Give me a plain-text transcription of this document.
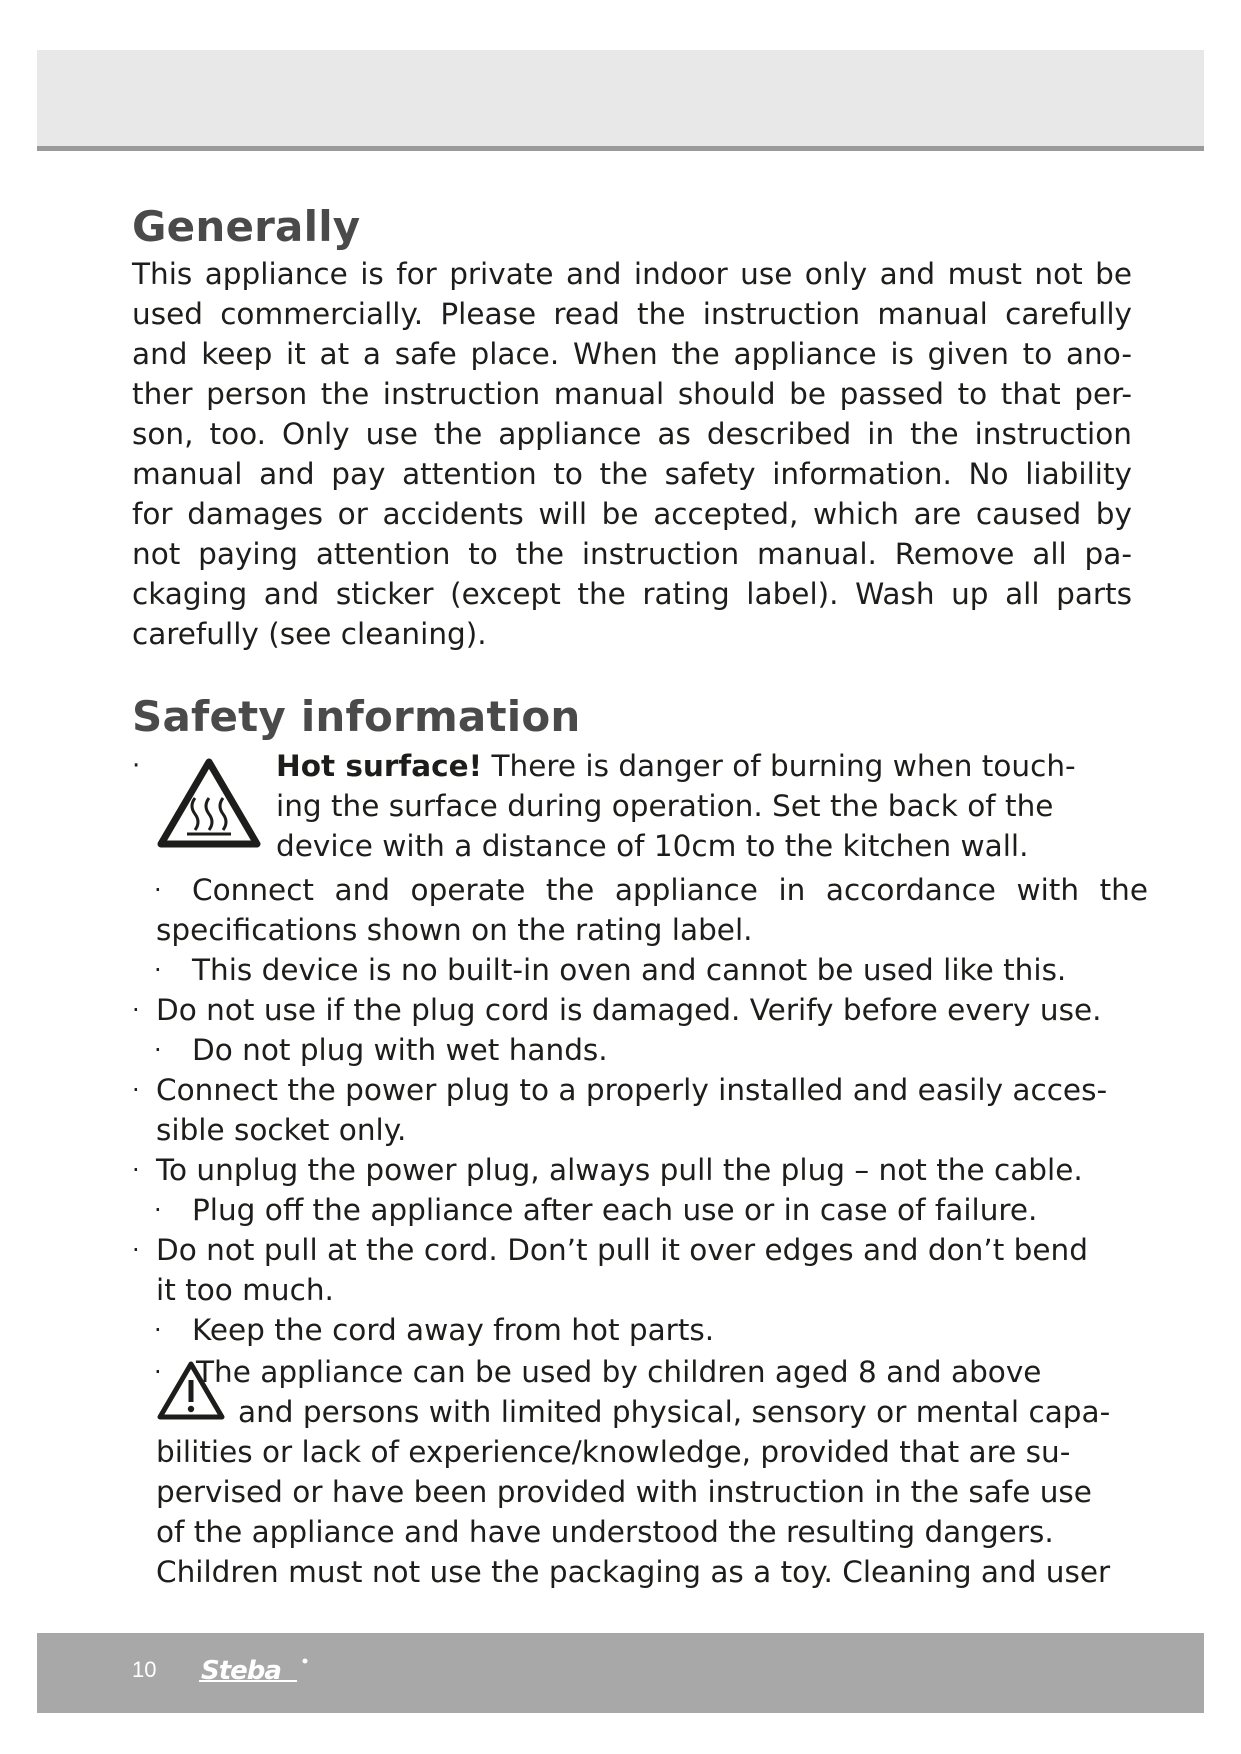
Generally
This appliance is for private and indoor use only and must not be
used commercially. Please read the instruction manual carefully
and keep it at a safe place. When the appliance is given to ano-
ther person the instruction manual should be passed to that per-
son, too. Only use the appliance as described in the instruction
manual and pay attention to the safety information. No liability
for damages or accidents will be accepted, which are caused by
not paying attention to the instruction manual. Remove all pa-
ckaging and sticker (except the rating label). Wash up all parts
carefully (see cleaning).
Safety information
·	Hot surface! There is danger of burning when touch-
ing the surface during operation. Set the back of the
device with a distance of 10cm to the kitchen wall.
· Connect and operate the appliance in accordance with the
specifications shown on the rating label.
·	This device is no built-in oven and cannot be used like this.
· Do not use if the plug cord is damaged. Verify before every use.
·	Do not plug with wet hands.
· Connect the power plug to a properly installed and easily acces-
sible socket only.
· To unplug the power plug, always pull the plug – not the cable.
·	Plug off the appliance after each use or in case of failure.
· Do not pull at the cord. Don’t pull it over edges and don’t bend
it too much.
·	Keep the cord away from hot parts.
·	The appliance can be used by children aged 8 and above
and persons with limited physical, sensory or mental capa-
bilities or lack of experience/knowledge, provided that are su-
pervised or have been provided with instruction in the safe use
of the appliance and have understood the resulting dangers.
Children must not use the packaging as a toy. Cleaning and user
10 Steba
